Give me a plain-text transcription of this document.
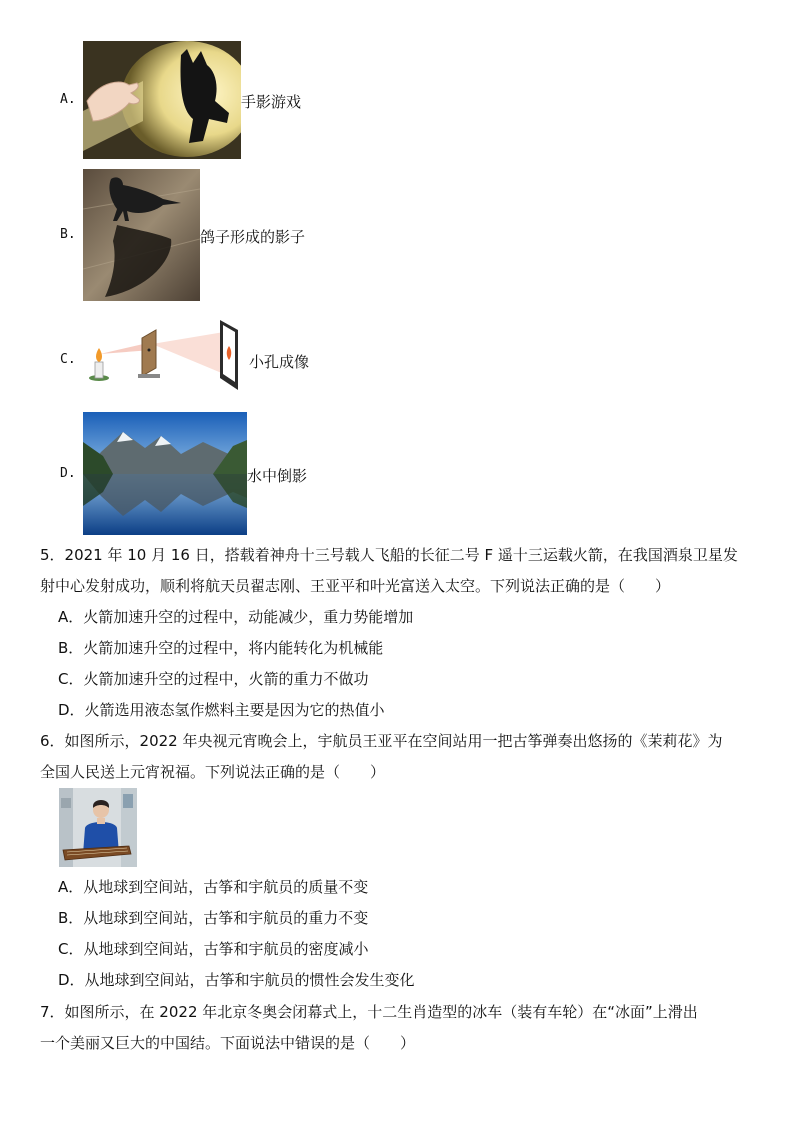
A.	手影游戏
B.	鸽子形成的影子
C.	小孔成像
D.	水中倒影
5．2021 年 10 月 16 日，搭载着神舟十三号载人飞船的长征二号 F 遥十三运载火箭，在我国酒泉卫星发
射中心发射成功，顺利将航天员翟志刚、王亚平和叶光富送入太空。下列说法正确的是（　　）
A．火箭加速升空的过程中，动能减少，重力势能增加
B．火箭加速升空的过程中，将内能转化为机械能
C．火箭加速升空的过程中，火箭的重力不做功
D．火箭选用液态氢作燃料主要是因为它的热值小
6．如图所示，2022 年央视元宵晚会上，宇航员王亚平在空间站用一把古筝弹奏出悠扬的《茉莉花》为
全国人民送上元宵祝福。下列说法正确的是（　　）
A．从地球到空间站，古筝和宇航员的质量不变
B．从地球到空间站，古筝和宇航员的重力不变
C．从地球到空间站，古筝和宇航员的密度减小
D．从地球到空间站，古筝和宇航员的惯性会发生变化
7．如图所示，在 2022 年北京冬奥会闭幕式上，十二生肖造型的冰车（装有车轮）在“冰面”上滑出
一个美丽又巨大的中国结。下面说法中错误的是（　　）
